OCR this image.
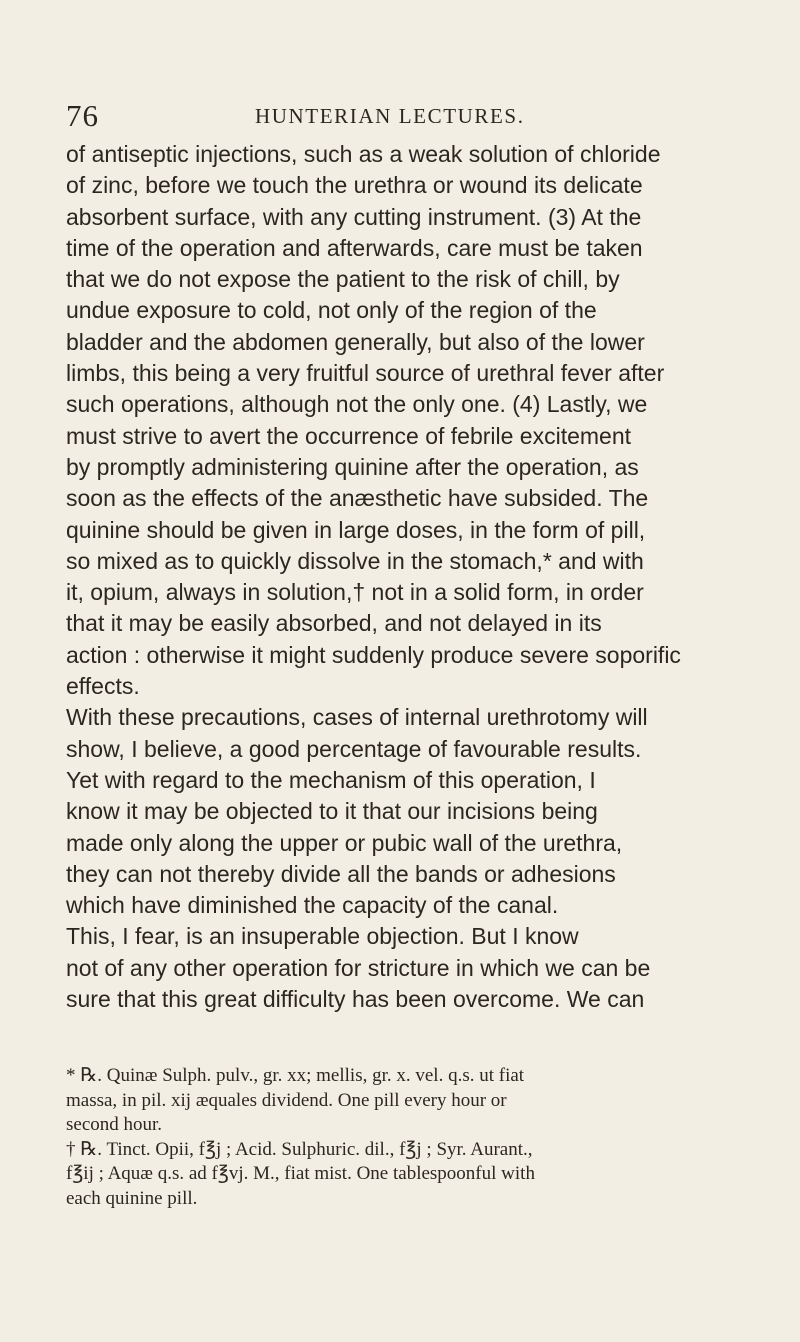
76	HUNTERIAN LECTURES.

of antiseptic injections, such as a weak solution of chloride
of zinc, before we touch the urethra or wound its delicate
absorbent surface, with any cutting instrument. (3) At the
time of the operation and afterwards, care must be taken
that we do not expose the patient to the risk of chill, by
undue exposure to cold, not only of the region of the
bladder and the abdomen generally, but also of the lower
limbs, this being a very fruitful source of urethral fever after
such operations, although not the only one. (4) Lastly, we
must strive to avert the occurrence of febrile excitement
by promptly administering quinine after the operation, as
soon as the effects of the anæsthetic have subsided. The
quinine should be given in large doses, in the form of pill,
so mixed as to quickly dissolve in the stomach,* and with
it, opium, always in solution,† not in a solid form, in order
that it may be easily absorbed, and not delayed in its
action : otherwise it might suddenly produce severe soporific
effects.

With these precautions, cases of internal urethrotomy will
show, I believe, a good percentage of favourable results.
Yet with regard to the mechanism of this operation, I
know it may be objected to it that our incisions being
made only along the upper or pubic wall of the urethra,
they can not thereby divide all the bands or adhesions
which have diminished the capacity of the canal.
This, I fear, is an insuperable objection. But I know
not of any other operation for stricture in which we can be
sure that this great difficulty has been overcome. We can

* ℞. Quinæ Sulph. pulv., gr. xx; mellis, gr. x. vel. q.s. ut fiat
massa, in pil. xij æquales dividend. One pill every hour or
second hour.

† ℞. Tinct. Opii, f℥j ; Acid. Sulphuric. dil., f℥j ; Syr. Aurant.,
f℥ij ; Aquæ q.s. ad f℥vj. M., fiat mist. One tablespoonful with
each quinine pill.
